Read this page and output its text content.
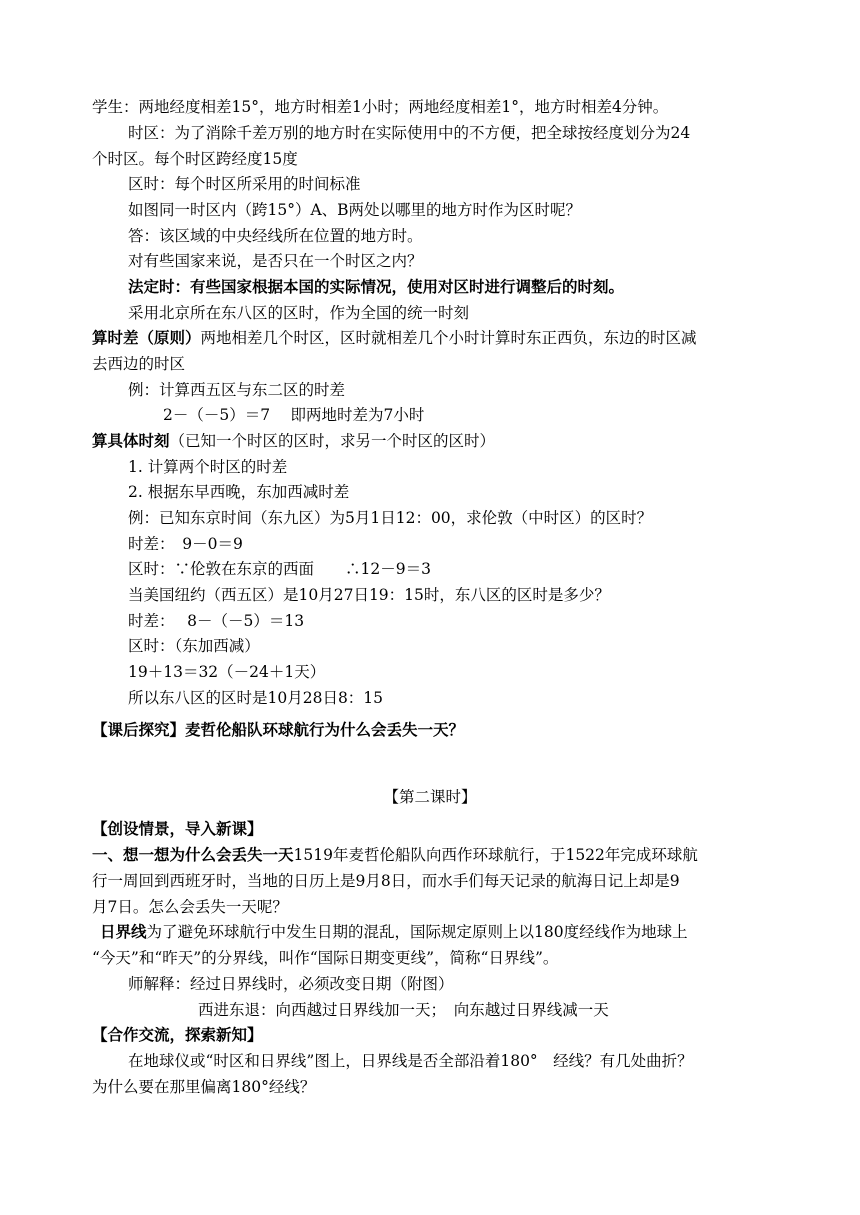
学生：两地经度相差15°，地方时相差1小时；两地经度相差1°，地方时相差4分钟。
时区：为了消除千差万别的地方时在实际使用中的不方便，把全球按经度划分为24
个时区。每个时区跨经度15度
区时：每个时区所采用的时间标准
如图同一时区内（跨15°）A、B两处以哪里的地方时作为区时呢？
答：该区域的中央经线所在位置的地方时。
对有些国家来说，是否只在一个时区之内？
法定时：有些国家根据本国的实际情况，使用对区时进行调整后的时刻。
采用北京所在东八区的区时，作为全国的统一时刻
算时差（原则）两地相差几个时区，区时就相差几个小时计算时东正西负，东边的时区减
去西边的时区
例：计算西五区与东二区的时差
2－（－5）＝7　 即两地时差为7小时
算具体时刻（已知一个时区的区时，求另一个时区的区时）
1. 计算两个时区的时差
2. 根据东早西晚，东加西减时差
例：已知东京时间（东九区）为5月1日12：00，求伦敦（中时区）的区时？
时差：　9－0＝9
区时：∵伦敦在东京的西面　　∴12－9＝3
当美国纽约（西五区）是10月27日19：15时，东八区的区时是多少？
时差：　 8－（－5）＝13
区时：（东加西减）
19＋13＝32（－24＋1天）
所以东八区的区时是10月28日8：15
【课后探究】麦哲伦船队环球航行为什么会丢失一天？
【第二课时】
【创设情景，导入新课】
一、想一想为什么会丢失一天1519年麦哲伦船队向西作环球航行，于1522年完成环球航
行一周回到西班牙时，当地的日历上是9月8日，而水手们每天记录的航海日记上却是9
月7日。怎么会丢失一天呢？
日界线为了避免环球航行中发生日期的混乱，国际规定原则上以180度经线作为地球上
“今天”和“昨天”的分界线，叫作“国际日期变更线”，简称“日界线”。
师解释：经过日界线时，必须改变日期（附图）
西进东退：向西越过日界线加一天；　向东越过日界线减一天
【合作交流，探索新知】
在地球仪或“时区和日界线”图上，日界线是否全部沿着180°　经线？有几处曲折？
为什么要在那里偏离180°经线？
